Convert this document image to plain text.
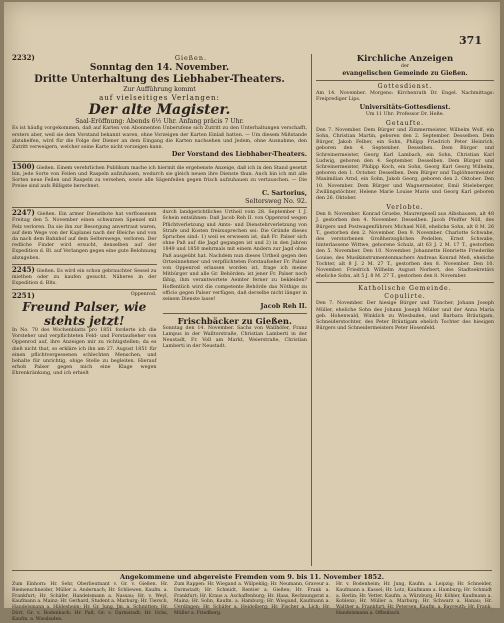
371
2232)	Gießen.
Sonntag den 14. November.
Dritte Unterhaltung des Liebhaber-Theaters.
Zur Aufführung kommt
auf vielseitiges Verlangen:
Der alte Magister.
Saal-Eröffnung: Abends 6½ Uhr. Anfang präcis 7 Uhr.
Es ist häufig vorgekommen, daß auf Karten von Abonnenten Unberufene sich Zutritt zu den Unterhaltungen verschafft, ersters aber, weil sie dem Vorstand bekannt waren, ohne Vorzeigen der Karten Einlaß hatten. — Um diesem Mißstande abzuhelfen, wird für die Folge der Diener an dem Eingang die Karten nachsehen und Jedem, ohne Ausnahme, den Zutritt verweigern, welcher seine Karte nicht vorzeigen kann.
Der Vorstand des Liebhaber-Theaters.
1500) Gießen. Einem verehrlichen Publikum mache ich hiermit die ergebenste Anzeige, daß ich in den Stand gesetzt bin, jede Sorte von Feilen und Raspeln aufzuhauen, wodurch sie gleich neuen ihre Dienste thun. Auch bin ich mit alle Sorten neue Feilen und Raspeln zu versehen, sowie alle Sägenfeilen gegen frisch aufzuhauen zu vertauschen. — Die Preise sind aufs Billigste berechnet.
C. Sartorius,
Seltersweg No. 92.
2247) Gießen. Ein armer Dienstbote hat verflossenen Freitag den 5. November einen schwarzen Spenzel mit Pelz verloren. Da sie ihn zur Besorgung anvertraut waren, auf dem Wege von der Kaplanei nach der Bleiche und von da nach dem Bahnhof auf dem Selterswege, verloren. Der redliche Finder wird ersucht, denselben auf der Expedition d. Bl. auf Verlangen gegen eine gute Belohnung abzugeben.
2245) Gießen. Es wird ein schon gebrauchter Sessel zu miethen oder zu kaufen gesucht. Näheres in der Expedition d. Blts.
2251)	Oppenrod.
Freund Palser, wie stehts jetzt!
In No. 70 des Wochenblatts pro 1851 forderte ich die Vorsteher und verpflichteten Feld- und Forstaufseher von Oppenrod auf, ihre Anzeigen mir zu richtigstellen; da es dieß nicht that, so erkläre ich ihn am 27. August 1851 für einen pflichtvergessenen schlechten Menschen, und behalte für unrichtig, obige Stelle zu begleiten. Hierauf erhob Palser gegen mich eine Klage wegen Ehrenkränkung, und ich erhielt
durch landgerichtliches Urtheil vom 28. September 1 J. Schein entsühnen: Daß Jacob Reh II. von Oppenrod wegen Pflichtverletzung und Amts- und Dienstehrverletzung von Strafe und Kosten freizusprechen sei: Die Gründe dieses Spruches sind: 1) weil es erwiesen ist, daß Fr. Palser sich ohne Paß auf die Jagd gegangen ist und 2) in den Jahren 1849 und 1850 mehrmals mit einem Andern zur Jagd ohne Paß ausgeübt hat. Nachdem nun dieses Urtheil gegen den Ortseinnehmer und verpflichteten Forstaufseher Fr. Palser von Oppenrod erlassen worden ist, frage ich meine Mitbürger und alle Gr. Behörden: ist jener Fr. Palser noch fähig, ihm verantwortete Aemter ferner zu bekleiden? Hoffentlich wird die competente Behörde das Nöthige zu officio gegen Palser verfügen, daß derselbe nicht länger in seinem Dienste lasse!
Jacob Reh II.
Frischbäcker zu Gießen.
Sonntag den 14. November. Sachs von Wallhöfer, Franz Lampus in der Walltorstraße, Christian Lamberti in der Neustadt, Fr. Voll am Markt, Weierstraße, Christian Lamberti in der Neustadt.
Kirchliche Anzeigen
der
evangelischen Gemeinde zu Gießen.
Gottesdienst.
Am 14. November. Morgens: Kirchenrath Dr. Engel. Nachmittags: Freiprediger Lips.
Universitäts-Gottesdienst.
Um 11 Uhr: Professor Dr. Heße.
Getaufte.
Den 7. November. Dem Bürger und Zimmermeister, Wilhelm Wolf, ein Sohn, Christian Martin, geboren den 2. September. Desselben. Dem Bürger, Jakob Felber, ein Sohn, Philipp Friedrich Peter Heinrich, geboren den 4. September. Desselben. Dem Bürger und Schreinermeister, Georg Karl Lambach, ein Sohn, Christian Karl Ludwig, geboren den 4. September. Desselben. Dem Bürger und Schreinermeister, Philipp Koch, ein Sohn, Georg Karl Georg Wilhelm, geboren den 1. October. Desselben. Dem Bürger und Taglöhnermeister Maximilian Arnd, ein Sohn, Jakob Georg, geboren den 2. Oktober. Den 10. November. Dem Bürger und Wagnermeister, Emil Stieleberger, Zwillingstöchter, Helene Marie Louise Marie und Georg Karl geboren den 26. Oktober.
Verlobte.
Den 8. November. Konrad Gruebe, Maurergesell aus Albshausen, alt 48 J. gestorben den 4. November. Desselben. Jacob Pfeiffer Nöll, des Bürgers und Postwagenführers Michael Nöll, eheliche Sohn, alt 8 M. 26 T., gestorben den 2. November. Den 9. November. Charlotte Schwabe, des verstorbenen Großherzoglichen Pedellen, Ernst Schwabe, hinterlassene Wittwe, geborene Schulz, alt 63 J. 2 M. 17 T., gestorben den 5. November. Den 10. November. Johannette Henriette Friederike Louise, des Musikinstrumentenmachers Andreas Konrad Meß, eheliche Tochter, alt 8 J. 2 M. 27 T., gestorben den 8. November. Den 10. November. Friedrich Wilhelm August Norbert, des Stadtsekretärs eheliche Sohn, alt 5 J. 8 M. 27 T., gestorben den 8. November.
Katholische Gemeinde.
Copulirte.
Den 7. November. Der hiesige Bürger und Tüncher, Johann Joseph Müller, eheliche Sohn des Johann Joseph Müller und der Anna Maria geb. Hohenwald, Winklich zu Wiesbaden, und Barbara Bräutigam, Schneiderstochter, des Peter Bräutigam ehelich Tochter des hiesigen Bürgers und Schneidermeisters Peter Hosenfeld.
Angekommene und abgereiste Fremden vom 9. bis 11. November 1852.
Zum Einhorn: Hr. Sehr, Oberlieutnant v. Gr. v. Gießen. Hr. Riemenschneider, Müller a. Andernach; Hr. Schliewen, Kaufm. a. Frankfurt; Hr. Schäfer, Handelsmann a. Nassau; Hr. v. Weyl, Kaufmann a. Mainz; Hr. Gerhard, Student a. Marburg; Hr. Tiersch, Handelsmann a. Hildesheim; Hr. Gr. Jung, Jm. a. Schmitten; Hr. Dörr, Gr. v. Bodenbach; Hr. Paß, Gr. v. Darmstadt; Hr. Ochs, Kaufm. a. Wiesbaden.
Zum Rappen: Hr. Wiegand a. Wülpeklig; Hr. Neumann, Graveur a. Darmstadt; Hr. Schmidt, Rentier a. Gießen; Hr. Frank a. Frankfurt; Hr. Kraus a. Aschaffenburg; Hr. Haas, Rechnungsrat a. Mainz; Hr. Sohn, Kaufm. a. Hamburg; Hr. Wiegand, Kaufmann a. Uerdingen; Hr. Schäfer a. Heidelberg; Hr. Fischer a. Lich; Hr. Müller a. Friedberg.
Hr. v. Bodenheim; Hr. Jung, Kaufm. a. Leipzig; Hr. Schneider, Kaufmann a. Kassel; Hr. Lotz, Kaufmann a. Hamburg; Hr. Schmidt a. Berlin; Hr. Vetter, Kaufm. a. Würzburg; Hr. Köhler, Kaufmann a. Koblenz; Hr. Müller a. Marburg; Hr. Schwarz a. Hanau; Hr. Walther a. Frankfurt; Hr. Petersen, Kaufm. a. Bayreuth; Hr. Frank, Handelsmann a. Offenbach.
